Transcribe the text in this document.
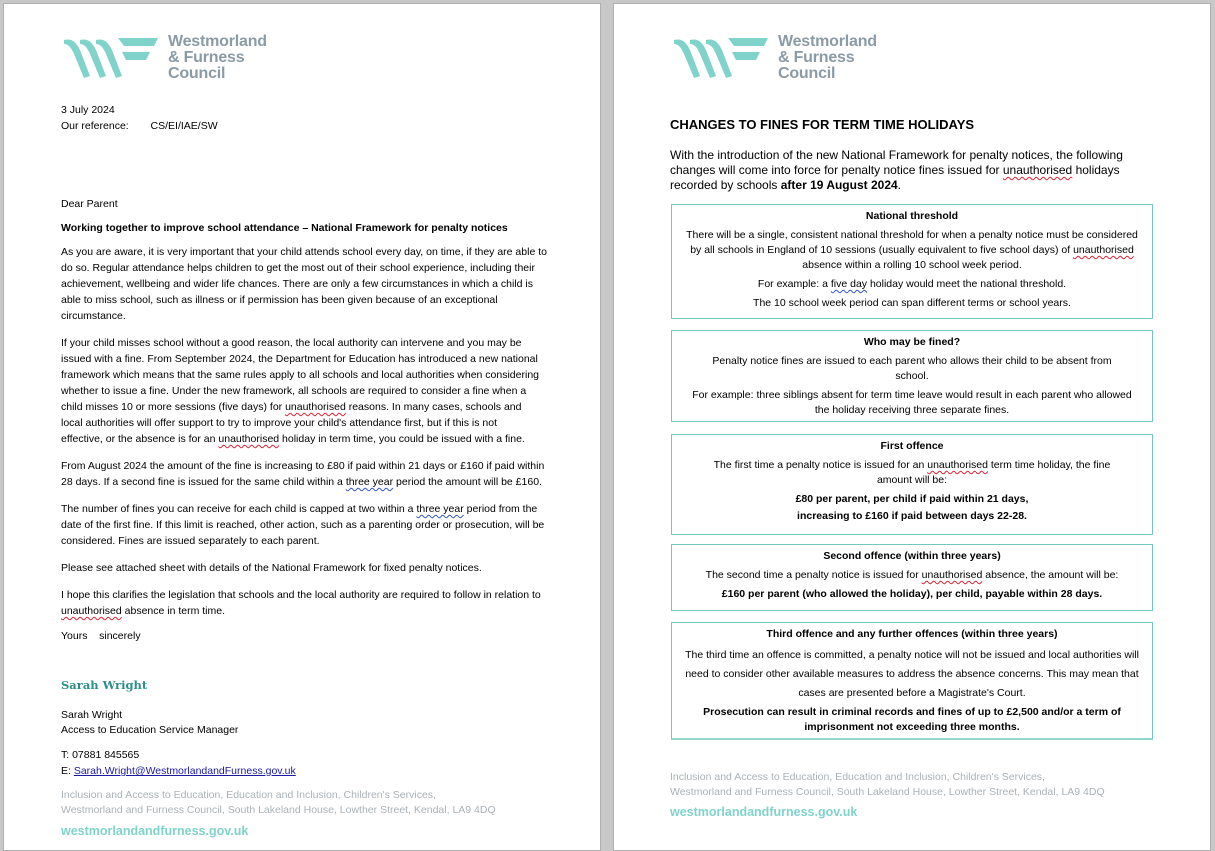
Westmorland
& Furness
Council
3 July 2024
Our reference: CS/EI/IAE/SW
Dear Parent
Working together to improve school attendance – National Framework for penalty notices

As you are aware, it is very important that your child attends school every day, on time, if they are able to do so. Regular attendance helps children to get the most out of their school experience, including their achievement, wellbeing and wider life chances. There are only a few circumstances in which a child is able to miss school, such as illness or if permission has been given because of an exceptional circumstance.

If your child misses school without a good reason, the local authority can intervene and you may be issued with a fine. From September 2024, the Department for Education has introduced a new national framework which means that the same rules apply to all schools and local authorities when considering whether to issue a fine. Under the new framework, all schools are required to consider a fine when a child misses 10 or more sessions (five days) for unauthorised reasons. In many cases, schools and local authorities will offer support to try to improve your child's attendance first, but if this is not effective, or the absence is for an unauthorised holiday in term time, you could be issued with a fine.

From August 2024 the amount of the fine is increasing to £80 if paid within 21 days or £160 if paid within 28 days. If a second fine is issued for the same child within a three year period the amount will be £160.

The number of fines you can receive for each child is capped at two within a three year period from the date of the first fine. If this limit is reached, other action, such as a parenting order or prosecution, will be considered. Fines are issued separately to each parent.

Please see attached sheet with details of the National Framework for fixed penalty notices.

I hope this clarifies the legislation that schools and the local authority are required to follow in relation to unauthorised absence in term time.

Yours    sincerely

Sarah Wright
Sarah Wright
Access to Education Service Manager
T: 07881 845565
E: Sarah.Wright@WestmorlandandFurness.gov.uk
Inclusion and Access to Education, Education and Inclusion, Children's Services,
Westmorland and Furness Council, South Lakeland House, Lowther Street, Kendal, LA9 4DQ
westmorlandandfurness.gov.uk
Westmorland
& Furness
Council
CHANGES TO FINES FOR TERM TIME HOLIDAYS

With the introduction of the new National Framework for penalty notices, the following changes will come into force for penalty notice fines issued for unauthorised holidays recorded by schools after 19 August 2024.

National threshold

There will be a single, consistent national threshold for when a penalty notice must be considered by all schools in England of 10 sessions (usually equivalent to five school days) of unauthorised absence within a rolling 10 school week period.

For example: a five day holiday would meet the national threshold.

The 10 school week period can span different terms or school years.

Who may be fined?

Penalty notice fines are issued to each parent who allows their child to be absent from school.

For example: three siblings absent for term time leave would result in each parent who allowed the holiday receiving three separate fines.

First offence

The first time a penalty notice is issued for an unauthorised term time holiday, the fine amount will be:

£80 per parent, per child if paid within 21 days,

increasing to £160 if paid between days 22-28.

Second offence (within three years)

The second time a penalty notice is issued for unauthorised absence, the amount will be:

£160 per parent (who allowed the holiday), per child, payable within 28 days.

Third offence and any further offences (within three years)

The third time an offence is committed, a penalty notice will not be issued and local authorities will need to consider other available measures to address the absence concerns. This may mean that cases are presented before a Magistrate's Court.

Prosecution can result in criminal records and fines of up to £2,500 and/or a term of imprisonment not exceeding three months.

Inclusion and Access to Education, Education and Inclusion, Children's Services,
Westmorland and Furness Council, South Lakeland House, Lowther Street, Kendal, LA9 4DQ
westmorlandandfurness.gov.uk
